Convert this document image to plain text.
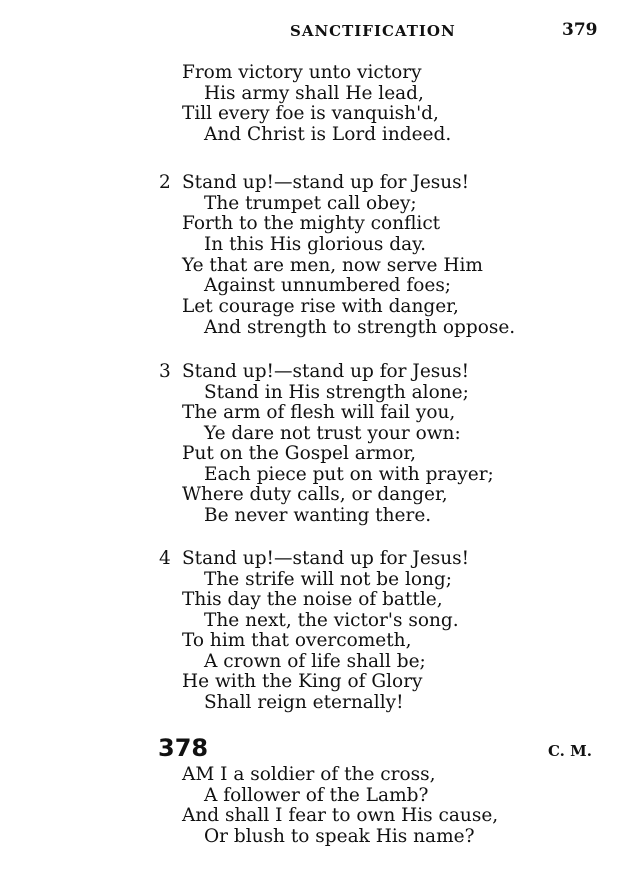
SANCTIFICATION	379
From victory unto victory
His army shall He lead,
Till every foe is vanquish'd,
And Christ is Lord indeed.
2 Stand up!—stand up for Jesus!
The trumpet call obey;
Forth to the mighty conflict
In this His glorious day.
Ye that are men, now serve Him
Against unnumbered foes;
Let courage rise with danger,
And strength to strength oppose.
3 Stand up!—stand up for Jesus!
Stand in His strength alone;
The arm of flesh will fail you,
Ye dare not trust your own:
Put on the Gospel armor,
Each piece put on with prayer;
Where duty calls, or danger,
Be never wanting there.
4 Stand up!—stand up for Jesus!
The strife will not be long;
This day the noise of battle,
The next, the victor's song.
To him that overcometh,
A crown of life shall be;
He with the King of Glory
Shall reign eternally!
378	C. M.
AM I a soldier of the cross,
A follower of the Lamb?
And shall I fear to own His cause,
Or blush to speak His name?
